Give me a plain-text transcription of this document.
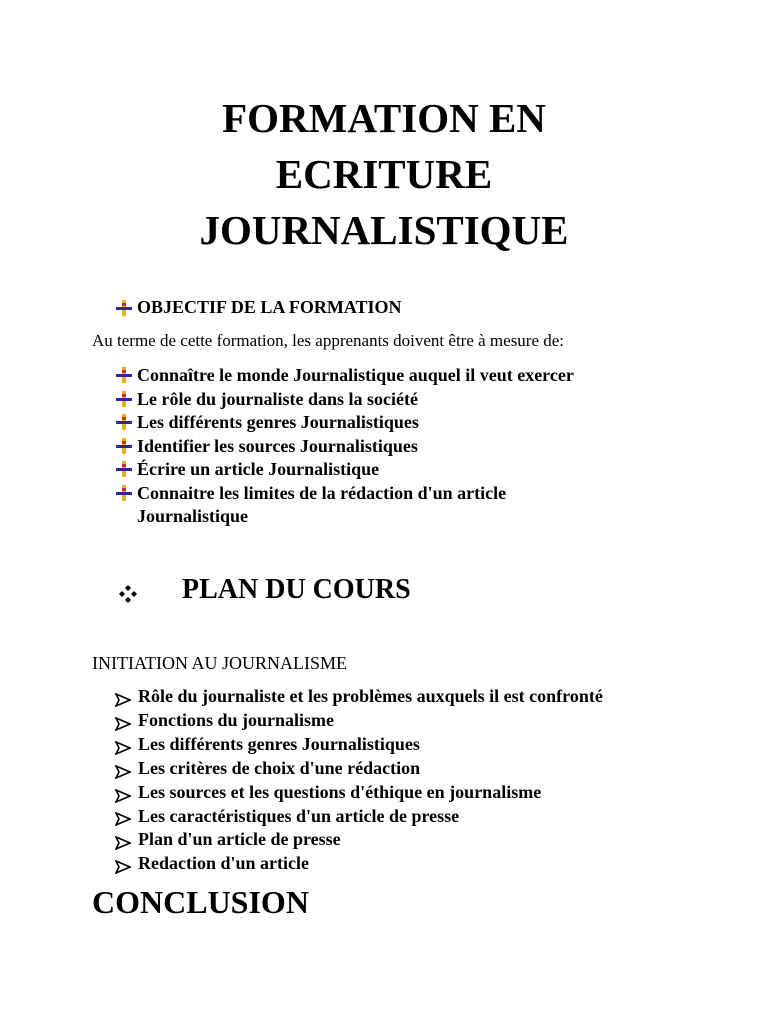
FORMATION EN
ECRITURE
JOURNALISTIQUE
OBJECTIF DE LA FORMATION
Au terme de cette formation, les apprenants doivent être à mesure de:
Connaître le monde Journalistique auquel il veut exercer
Le rôle du journaliste dans la société
Les différents genres Journalistiques
Identifier les sources Journalistiques
Écrire un article Journalistique
Connaitre les limites de la rédaction d'un article
Journalistique
PLAN DU COURS
INITIATION AU JOURNALISME
Rôle du journaliste et les problèmes auxquels il est confronté
Fonctions du journalisme
Les différents genres Journalistiques
Les critères de choix d'une rédaction
Les sources et les questions d'éthique en journalisme
Les caractéristiques d'un article de presse
Plan d'un article de presse
Redaction d'un article
CONCLUSION
